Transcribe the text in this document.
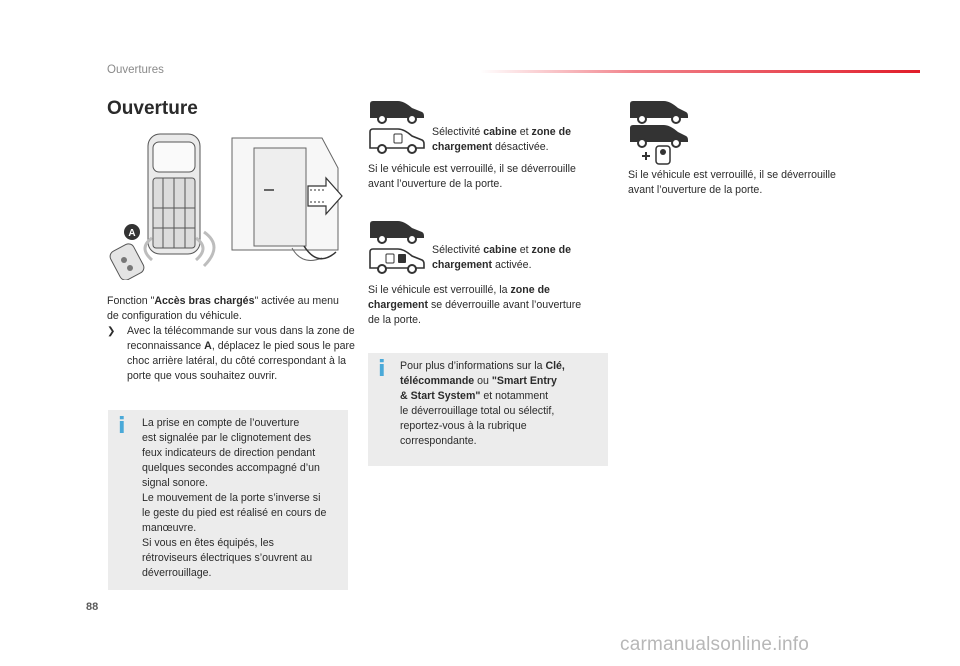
Ouvertures
Ouverture
A

Fonction "Accès bras chargés" activée au menu de configuration du véhicule.

❯ Avec la télécommande sur vous dans la zone de reconnaissance A, déplacez le pied sous le pare choc arrière latéral, du côté correspondant à la porte que vous souhaitez ouvrir.
i La prise en compte de l’ouverture
est signalée par le clignotement des
feux indicateurs de direction pendant
quelques secondes accompagné d’un
signal sonore.
Le mouvement de la porte s’inverse si
le geste du pied est réalisé en cours de
manœuvre.
Si vous en êtes équipés, les
rétroviseurs électriques s’ouvrent au
déverrouillage.

Sélectivité cabine et zone de
chargement désactivée.

Si le véhicule est verrouillé, il se déverrouille
avant l’ouverture de la porte.

Sélectivité cabine et zone de
chargement activée.

Si le véhicule est verrouillé, la zone de
chargement se déverrouille avant l’ouverture
de la porte.

i Pour plus d’informations sur la Clé,
télécommande ou "Smart Entry
& Start System" et notamment
le déverrouillage total ou sélectif,
reportez-vous à la rubrique
correspondante.

Si le véhicule est verrouillé, il se déverrouille
avant l’ouverture de la porte.

88
carmanualsonline.info
